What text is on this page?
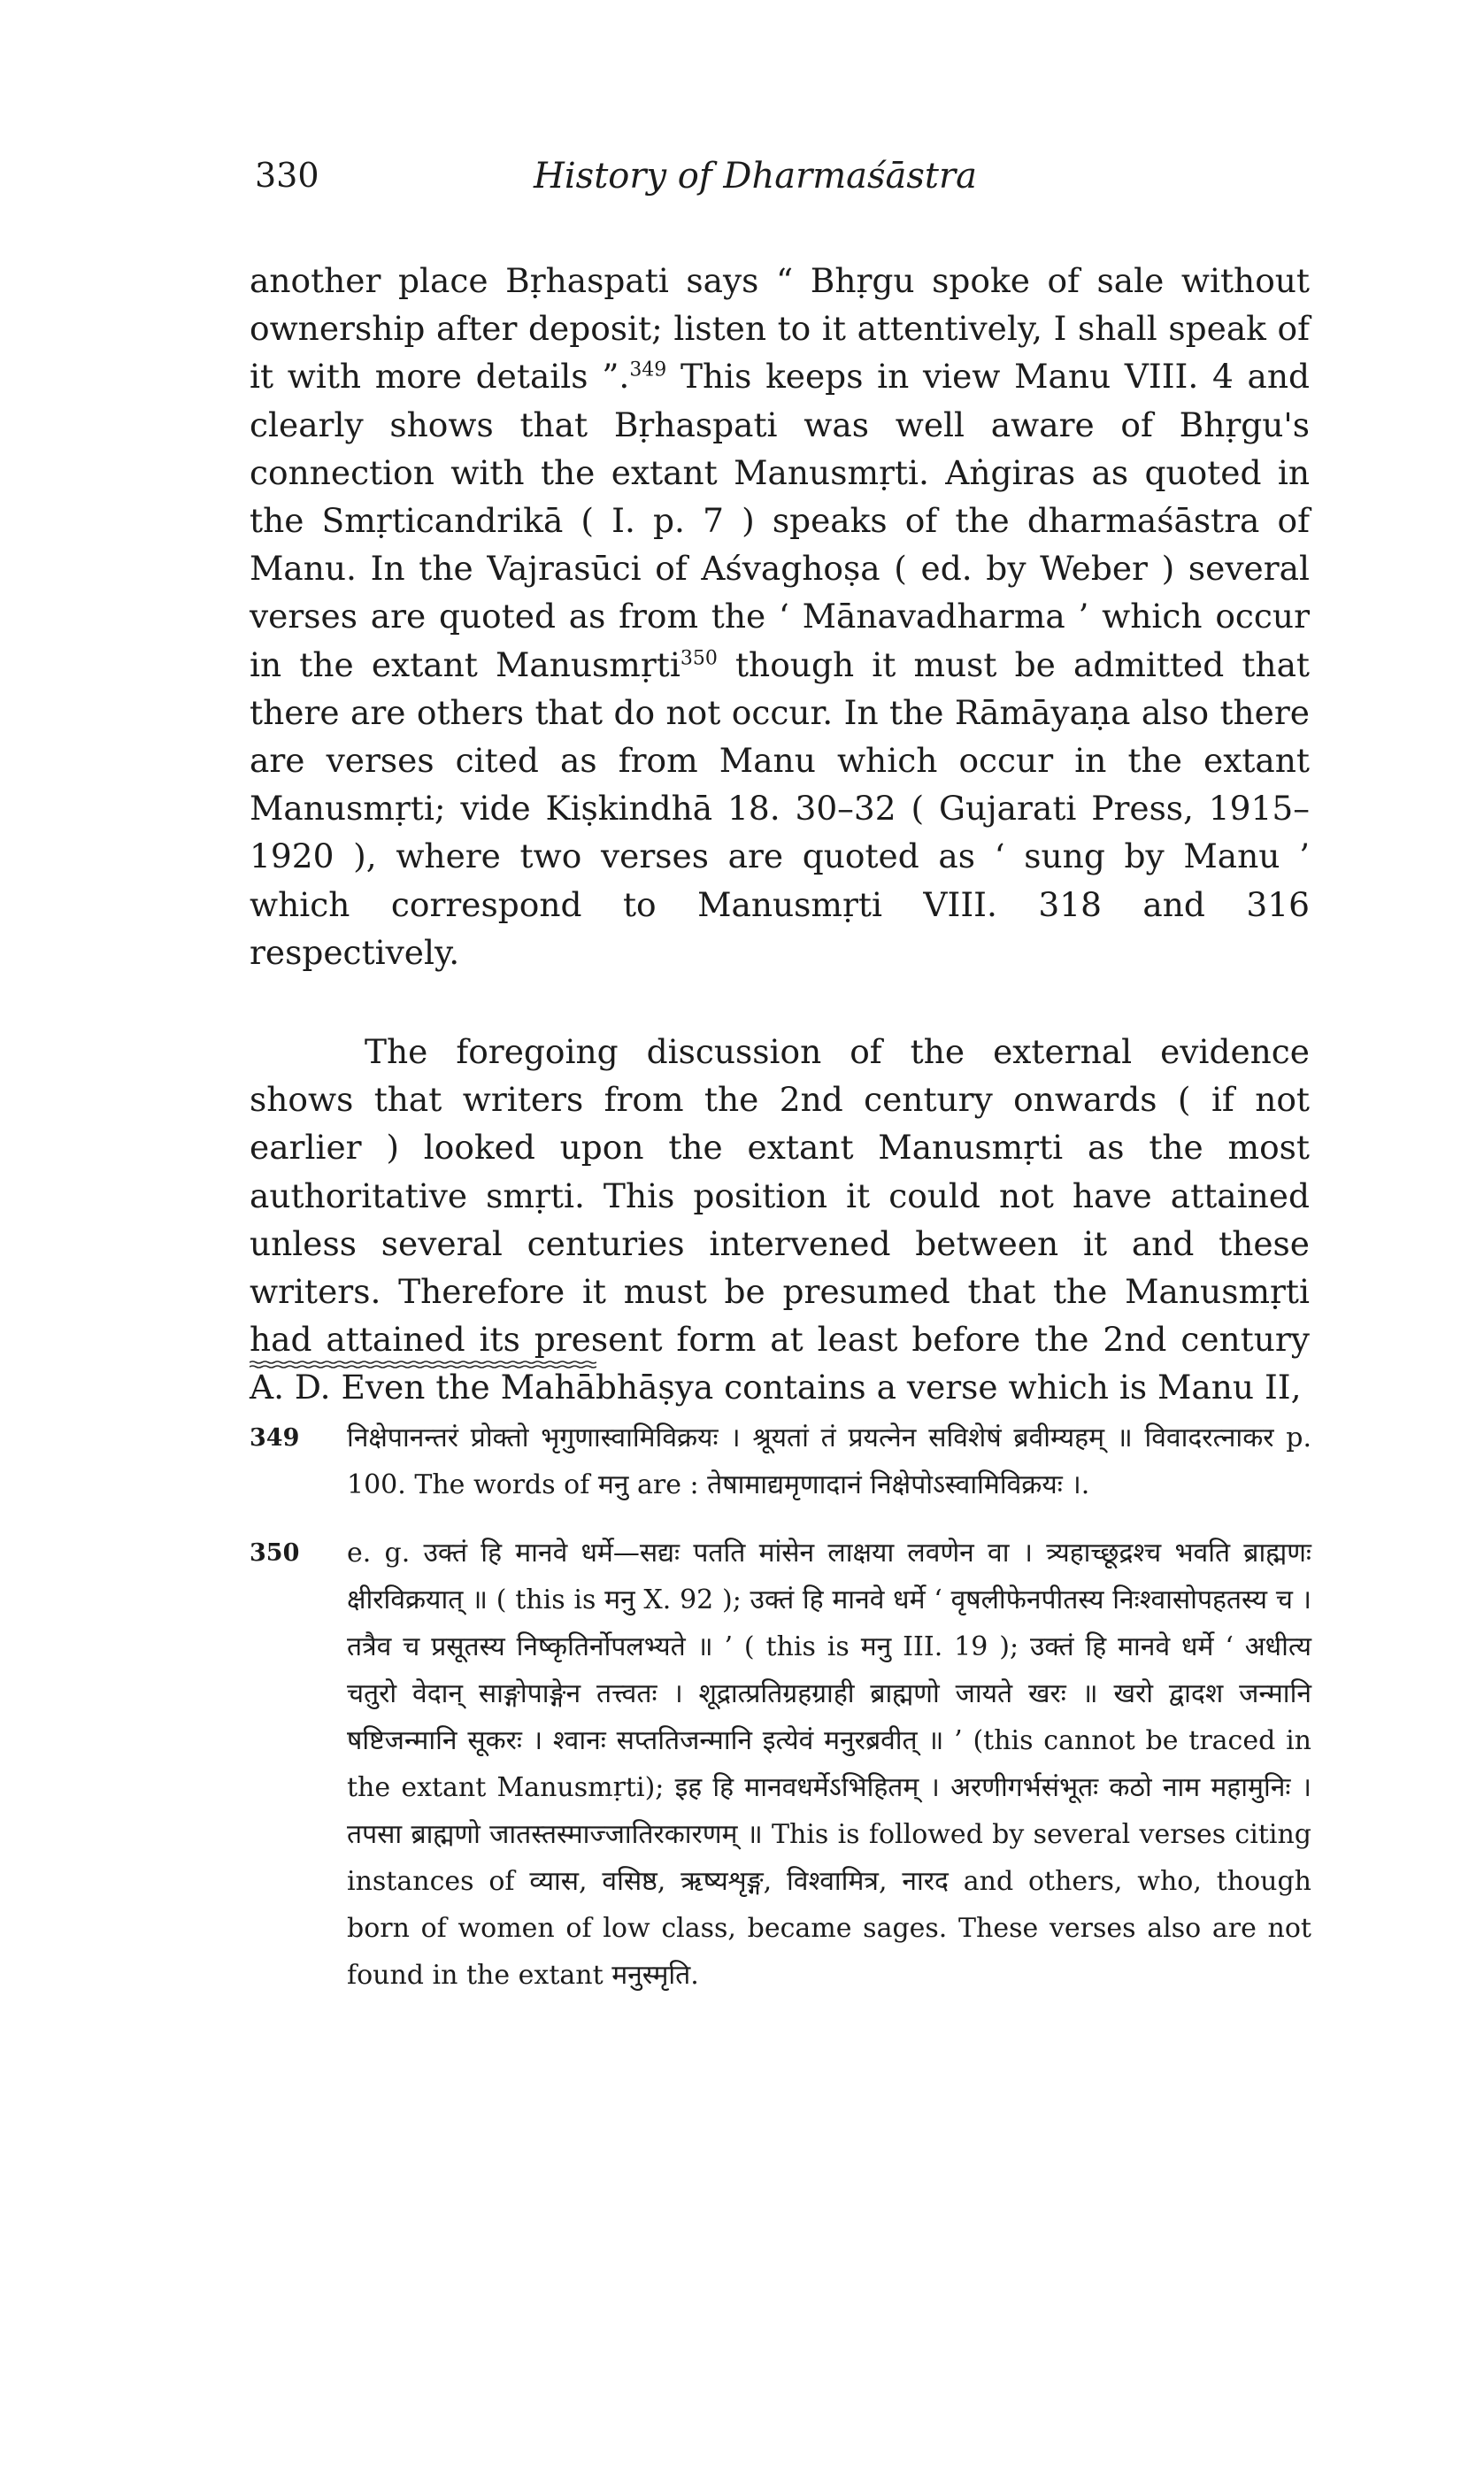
330	History of Dharmaśāstra

another place Bṛhaspati says “ Bhṛgu spoke of sale without ownership after deposit; listen to it attentively, I shall speak of it with more details ”.$^{349}$ This keeps in view Manu VIII. 4 and clearly shows that Bṛhaspati was well aware of Bhṛgu's connection with the extant Manusmṛti. Aṅgiras as quoted in the Smṛticandrikā ( I. p. 7 ) speaks of the dharmaśāstra of Manu. In the Vajrasūci of Aśvaghoṣa ( ed. by Weber ) several verses are quoted as from the ‘ Mānavadharma ’ which occur in the extant Manusmṛti$^{350}$ though it must be admitted that there are others that do not occur. In the Rāmāyaṇa also there are verses cited as from Manu which occur in the extant Manusmṛti; vide Kiṣkindhā 18. 30–32 ( Gujarati Press, 1915–1920 ), where two verses are quoted as ‘ sung by Manu ’ which correspond to Manusmṛti VIII. 318 and 316 respectively.

The foregoing discussion of the external evidence shows that writers from the 2nd century onwards ( if not earlier ) looked upon the extant Manusmṛti as the most authoritative smṛti. This position it could not have attained unless several centuries intervened between it and these writers. Therefore it must be presumed that the Manusmṛti had attained its present form at least before the 2nd century A. D. Even the Mahābhāṣya contains a verse which is Manu II,

349	निक्षेपानन्तरं प्रोक्तो भृगुणास्वामिविक्रयः । श्रूयतां तं प्रयत्नेन सविशेषं ब्रवीम्यहम् ॥ विवादरत्नाकर p. 100. The words of मनु are : तेषामाद्यमृणादानं निक्षेपोऽस्वामिविक्रयः ।.
350	e. g. उक्तं हि मानवे धर्मे—सद्यः पतति मांसेन लाक्षया लवणेन वा । त्र्यहाच्छूद्रश्च भवति ब्राह्मणः क्षीरविक्रयात् ॥ ( this is मनु X. 92 ); उक्तं हि मानवे धर्मे ‘ वृषलीफेनपीतस्य निःश्वासोपहतस्य च । तत्रैव च प्रसूतस्य निष्कृतिर्नोपलभ्यते ॥ ’ ( this is मनु III. 19 ); उक्तं हि मानवे धर्मे ‘ अधीत्य चतुरो वेदान् साङ्गोपाङ्गेन तत्त्वतः । शूद्रात्प्रतिग्रहग्राही ब्राह्मणो जायते खरः ॥ खरो द्वादश जन्मानि षष्टिजन्मानि सूकरः । श्वानः सप्ततिजन्मानि इत्येवं मनुरब्रवीत् ॥ ’ (this cannot be traced in the extant Manusmṛti); इह हि मानवधर्मेऽभिहितम् । अरणीगर्भसंभूतः कठो नाम महामुनिः । तपसा ब्राह्मणो जातस्तस्माज्जातिरकारणम् ॥ This is followed by several verses citing instances of व्यास, वसिष्ठ, ऋष्यशृङ्ग, विश्वामित्र, नारद and others, who, though born of women of low class, became sages. These verses also are not found in the extant मनुस्मृति.
